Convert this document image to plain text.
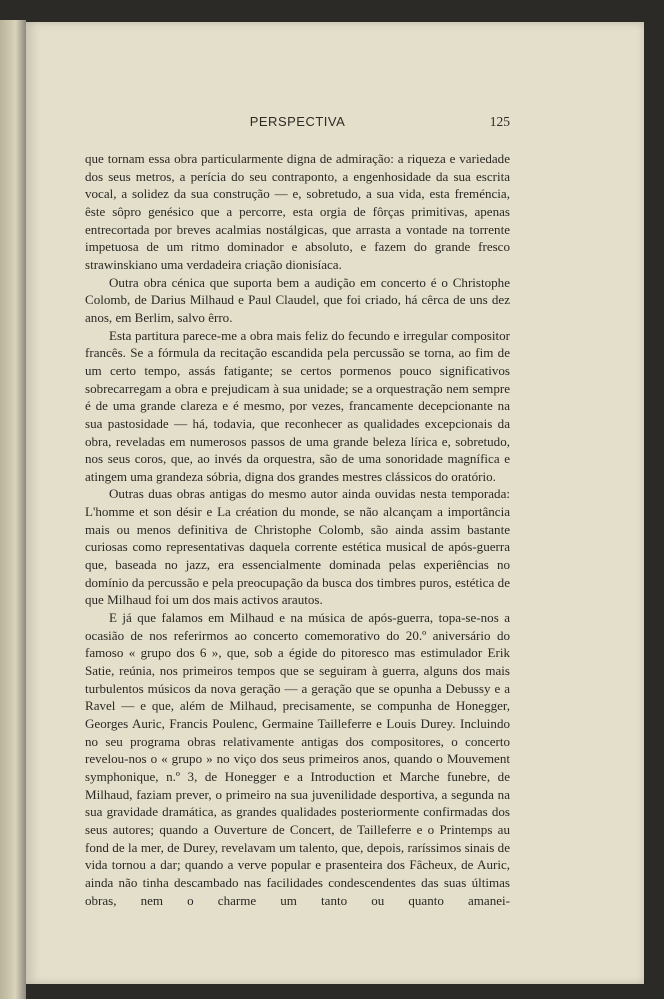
PERSPECTIVA	125

que tornam essa obra particularmente digna de admiração: a riqueza e variedade dos seus metros, a perícia do seu contraponto, a engenhosidade da sua escrita vocal, a solidez da sua construção — e, sobretudo, a sua vida, esta freméncia, êste sôpro genésico que a percorre, esta orgia de fôrças primitivas, apenas entrecortada por breves acalmias nostálgicas, que arrasta a vontade na torrente impetuosa de um ritmo dominador e absoluto, e fazem do grande fresco strawinskiano uma verdadeira criação dionisíaca.

Outra obra cénica que suporta bem a audição em concerto é o Christophe Colomb, de Darius Milhaud e Paul Claudel, que foi criado, há cêrca de uns dez anos, em Berlim, salvo êrro.

Esta partitura parece-me a obra mais feliz do fecundo e irregular compositor francês. Se a fórmula da recitação escandida pela percussão se torna, ao fim de um certo tempo, assás fatigante; se certos pormenos pouco significativos sobrecarregam a obra e prejudicam à sua unidade; se a orquestração nem sempre é de uma grande clareza e é mesmo, por vezes, francamente decepcionante na sua pastosidade — há, todavia, que reconhecer as qualidades excepcionais da obra, reveladas em numerosos passos de uma grande beleza lírica e, sobretudo, nos seus coros, que, ao invés da orquestra, são de uma sonoridade magnífica e atingem uma grandeza sóbria, digna dos grandes mestres clássicos do oratório.

Outras duas obras antigas do mesmo autor ainda ouvidas nesta temporada: L'homme et son désir e La création du monde, se não alcançam a importância mais ou menos definitiva de Christophe Colomb, são ainda assim bastante curiosas como representativas daquela corrente estética musical de após-guerra que, baseada no jazz, era essencialmente dominada pelas experiências no domínio da percussão e pela preocupação da busca dos timbres puros, estética de que Milhaud foi um dos mais activos arautos.

E já que falamos em Milhaud e na música de após-guerra, topa-se-nos a ocasião de nos referirmos ao concerto comemorativo do 20.º aniversário do famoso « grupo dos 6 », que, sob a égide do pitoresco mas estimulador Erik Satie, reúnia, nos primeiros tempos que se seguiram à guerra, alguns dos mais turbulentos músicos da nova geração — a geração que se opunha a Debussy e a Ravel — e que, além de Milhaud, precisamente, se compunha de Honegger, Georges Auric, Francis Poulenc, Germaine Tailleferre e Louis Durey. Incluindo no seu programa obras relativamente antigas dos compositores, o concerto revelou-nos o « grupo » no viço dos seus primeiros anos, quando o Mouvement symphonique, n.º 3, de Honegger e a Introduction et Marche funebre, de Milhaud, faziam prever, o primeiro na sua juvenilidade desportiva, a segunda na sua gravidade dramática, as grandes qualidades posteriormente confirmadas dos seus autores; quando a Ouverture de Concert, de Tailleferre e o Printemps au fond de la mer, de Durey, revelavam um talento, que, depois, raríssimos sinais de vida tornou a dar; quando a verve popular e prasenteira dos Fâcheux, de Auric, ainda não tinha descambado nas facilidades condescendentes das suas últimas obras, nem o charme um tanto ou quanto amanei-
